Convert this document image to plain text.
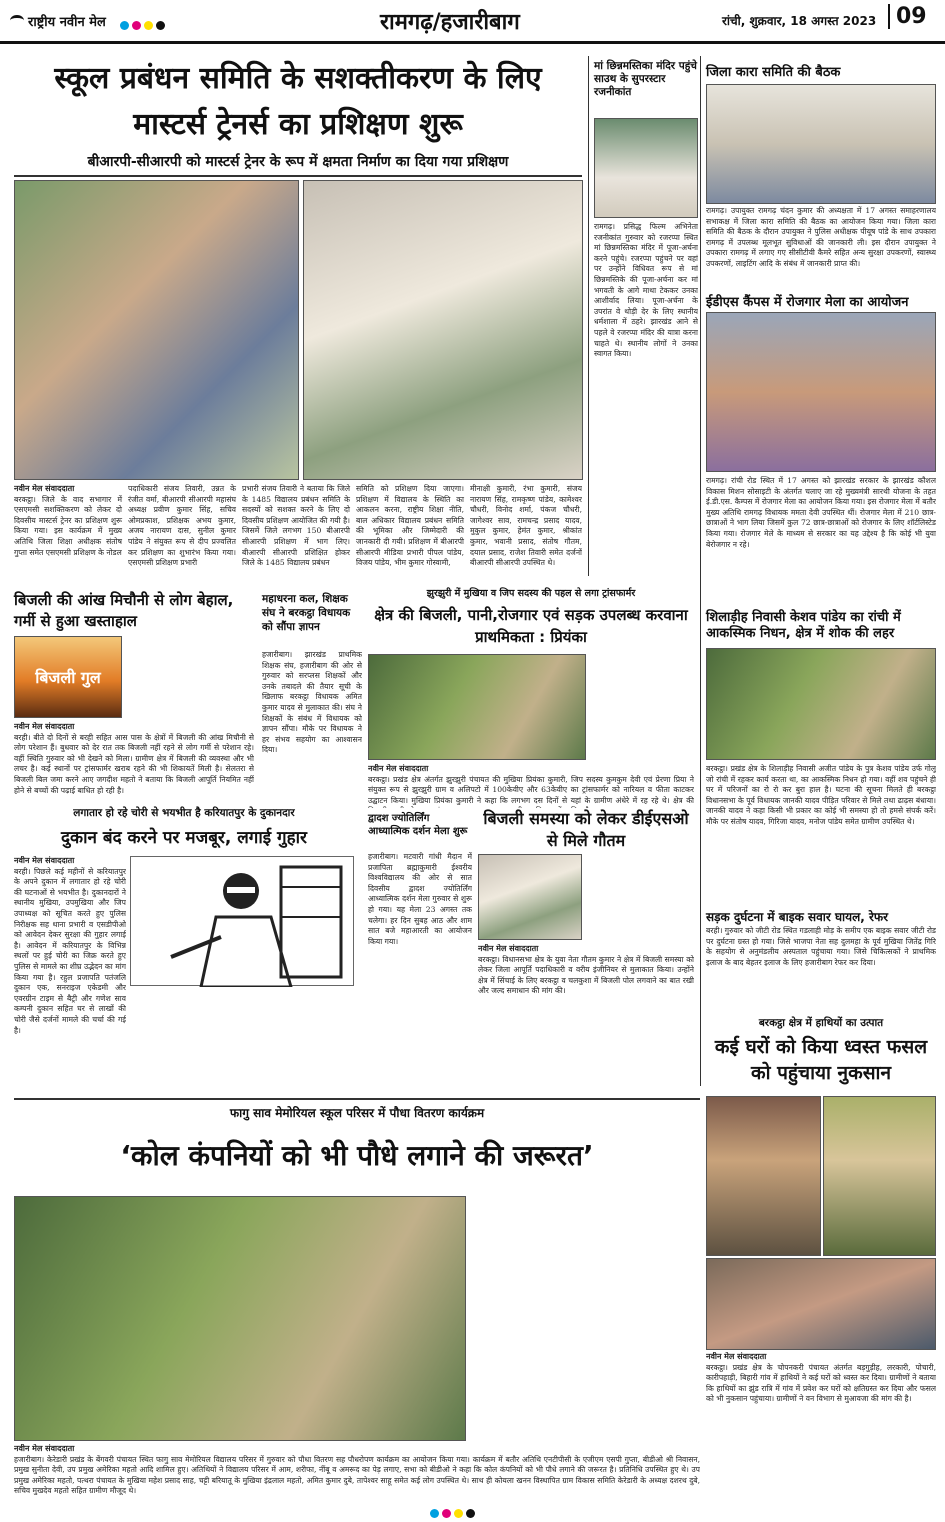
राष्ट्रीय नवीन मेल	रामगढ़/हजारीबाग	रांची, शुक्रवार, 18 अगस्त 2023 09
स्कूल प्रबंधन समिति के सशक्तीकरण के लिए मास्टर्स ट्रेनर्स का प्रशिक्षण शुरू
बीआरपी-सीआरपी को मास्टर्स ट्रेनर के रूप में क्षमता निर्माण का दिया गया प्रशिक्षण
नवीन मेल संवाददाता
बरकट्ठा। जिले के वाद सभागार में एसएमसी सशक्तिकरण को लेकर दो दिवसीय मास्टर्स ट्रेनर का प्रशिक्षण शुरू किया गया। इस कार्यक्रम में मुख्य अतिथि जिला शिक्षा अधीक्षक संतोष गुप्ता समेत एसएमसी प्रशिक्षण के नोडल
पदाधिकारी संजय तिवारी, उन्नत के रंजीत वर्मा, बीआरपी सीआरपी महासंघ अध्यक्ष प्रवीण कुमार सिंह, सचिव ओमप्रकाश, प्रशिक्षक अभय कुमार, अजय नारायण दास, सुनील कुमार पांडेय ने संयुक्त रूप से दीप प्रज्वलित कर प्रशिक्षण का शुभारंभ किया गया। एसएमसी प्रशिक्षण प्रभारी
प्रभारी संजय तिवारी ने बताया कि जिले के 1485 विद्यालय प्रबंधन समिति के सदस्यों को सशक्त करने के लिए दो दिवसीय प्रशिक्षण आयोजित की गयी है। जिसमें जिले लगभग 150 बीआरपी सीआरपी प्रशिक्षण में भाग लिए। बीआरपी सीआरपी प्रशिक्षित होकर जिले के 1485 विद्यालय प्रबंधन
समिति को प्रशिक्षण दिया जाएगा। प्रशिक्षण में विद्यालय के स्थिति का आकलन करना, राष्ट्रीय शिक्षा नीति, बाल अधिकार विद्यालय प्रबंधन समिति की भूमिका और जिम्मेदारी की जानकारी दी गयी। प्रशिक्षण में बीआरपी सीआरपी मीडिया प्रभारी पीपल पांडेय, विजय पांडेय, भीम कुमार गोस्वामी,
मीनाक्षी कुमारी, रंभा कुमारी, संजय नारायण सिंह, रामकृष्ण पांडेय, कामेश्वर चौधरी, विनोद शर्मा, पंकज चौधरी, जागेश्वर साव, रामचन्द्र प्रसाद यादव, मुकुल कुमार, हेमंत कुमार, श्रीकांत कुमार, भवानी प्रसाद, संतोष गौतम, दयाल प्रसाद, राजेश तिवारी समेत दर्जनों बीआरपी सीआरपी उपस्थित थे।
मां छिन्नमस्तिका मंदिर पहुंचे साउथ के सुपरस्टार रजनीकांत
रामगढ़। प्रसिद्ध फिल्म अभिनेता रजनीकांत गुरुवार को रजरप्पा स्थित मां छिन्नमस्तिका मंदिर में पूजा-अर्चना करने पहुंचे। रजरप्पा पहुंचने पर वहां पर उन्होंने विधिवत रूप से मां छिन्नमस्तिके की पूजा-अर्चना कर मां भगवती के आगे माथा टेककर उनका आशीर्वाद लिया। पूजा-अर्चना के उपरांत वे थोड़ी देर के लिए स्थानीय धर्मशाला में ठहरे। झारखंड आने से पहले वे रजरप्पा मंदिर की यात्रा करना चाहते थे। स्थानीय लोगों ने उनका स्वागत किया।
जिला कारा समिति की बैठक
रामगढ़। उपायुक्त रामगढ़ चंदन कुमार की अध्यक्षता में 17 अगस्त समाहरणालय सभाकक्ष में जिला कारा समिति की बैठक का आयोजन किया गया। जिला कारा समिति की बैठक के दौरान उपायुक्त ने पुलिस अधीक्षक पीयूष पांडे के साथ उपकारा रामगढ़ में उपलब्ध मूलभूत सुविधाओं की जानकारी ली। इस दौरान उपायुक्त ने उपकारा रामगढ़ में लगाए गए सीसीटीवी कैमरे सहित अन्य सुरक्षा उपकरणों, स्वास्थ्य उपकरणों, लाइटिंग आदि के संबंध में जानकारी प्राप्त की।
ईडीएस कैंपस में रोजगार मेला का आयोजन
रामगढ़। रांची रोड स्थित में 17 अगस्त को झारखंड सरकार के झारखंड कौशल विकास मिशन सोसाइटी के अंतर्गत चलाए जा रहे मुख्यमंत्री सारथी योजना के तहत ई.डी.एस. कैम्पस में रोजगार मेला का आयोजन किया गया। इस रोजगार मेला में बतौर मुख्य अतिथि रामगढ़ विधायक ममता देवी उपस्थित थीं। रोजगार मेला में 210 छात्र-छात्राओं ने भाग लिया जिसमें कुल 72 छात्र-छात्राओं को रोजगार के लिए शॉर्टलिस्टेड किया गया। रोजगार मेले के माध्यम से सरकार का यह उद्देश्य है कि कोई भी युवा बेरोजगार न रहे।
शिलाड़ीह निवासी केशव पांडेय का रांची में आकस्मिक निधन, क्षेत्र में शोक की लहर
बरकट्ठा। प्रखंड क्षेत्र के शिलाड़ीह निवासी अजीत पांडेय के पुत्र केशव पांडेय उर्फ गोलू जो रांची में रहकर कार्य करता था, का आकस्मिक निधन हो गया। वहीं शव पहुंचने ही घर में परिजनों का रो रो कर बुरा हाल है। घटना की सूचना मिलते ही बरकट्ठा विधानसभा के पूर्व विधायक जानकी यादव पीड़ित परिवार से मिले तथा ढाढ़स बंधाया। जानकी यादव ने कहा किसी भी प्रकार का कोई भी समस्या हो तो हमसे संपर्क करें। मौके पर संतोष यादव, गिरिजा यादव, मनोज पांडेय समेत ग्रामीण उपस्थित थे।
सड़क दुर्घटना में बाइक सवार घायल, रेफर
बरही। गुरुवार को जीटी रोड स्थित गडलाही मोड़ के समीप एक बाइक सवार जीटी रोड पर दुर्घटना ग्रस्त हो गया। जिसे भाजपा नेता सह दुलमहा के पूर्व मुखिया जितेंद्र गिरि के सहयोग से अनुमंडलीय अस्पताल पहुंचाया गया। जिसे चिकित्सकों ने प्राथमिक इलाज के बाद बेहतर इलाज के लिए हजारीबाग रेफर कर दिया।
बरकट्ठा क्षेत्र में हाथियों का उत्पात
कई घरों को किया ध्वस्त फसल को पहुंचाया नुकसान
नवीन मेल संवाददाता
बरकट्ठा। प्रखंड क्षेत्र के चोपनकरी पंचायत अंतर्गत बड़गुड़ीह, लरकारी, पोचारी, कारीपहाड़ी, बिहारी गांव में हाथियों ने कई घरों को ध्वस्त कर दिया। ग्रामीणों ने बताया कि हाथियों का झुंड रात्रि में गांव में प्रवेश कर घरों को क्षतिग्रस्त कर दिया और फसल को भी नुकसान पहुंचाया। ग्रामीणों ने वन विभाग से मुआवजा की मांग की है।
बिजली की आंख मिचौनी से लोग बेहाल, गर्मी से हुआ खस्ताहाल
बिजली गुल
नवीन मेल संवाददाता
बरही। बीते दो दिनों से बरही सहित आस पास के क्षेत्रों में बिजली की आंख मिचौनी से लोग परेशान हैं। बुधवार को देर रात तक बिजली नहीं रहने से लोग गर्मी से परेशान रहे। वहीं स्थिति गुरुवार को भी देखने को मिला। ग्रामीण क्षेत्र में बिजली की व्यवस्था और भी लचर है। कई स्थानों पर ट्रांसफार्मर खराब रहने की भी शिकायतें मिली है। सेलतरा से बिजली बिल जमा करने आए जगदीश महतो ने बताया कि बिजली आपूर्ति नियमित नहीं होने से बच्चों की पढ़ाई बाधित हो रही है।
महाधरना कल, शिक्षक संघ ने बरकट्ठा विधायक को सौंपा ज्ञापन
हजारीबाग। झारखंड प्राथमिक शिक्षक संघ, हजारीबाग की ओर से गुरुवार को सरप्लस शिक्षकों और उनके तबादले की तैयार सूची के खिलाफ बरकट्ठा विधायक अमित कुमार यादव से मुलाकात की। संघ ने शिक्षकों के संबंध में विधायक को ज्ञापन सौंपा। मौके पर विधायक ने हर संभव सहयोग का आश्वासन दिया।
झुरझुरी में मुखिया व जिप सदस्य की पहल से लगा ट्रांसफार्मर
क्षेत्र की बिजली, पानी,रोजगार एवं सड़क उपलब्ध करवाना प्राथमिकता : प्रियंका
नवीन मेल संवाददाता
बरकट्ठा। प्रखंड क्षेत्र अंतर्गत झुरझुरी पंचायत की मुखिया प्रियंका कुमारी, जिप सदस्य कुमकुम देवी एवं प्रेरणा प्रिया ने संयुक्त रूप से झुरझुरी ग्राम व अलिपटो में 100केवीए और 63केवीए का ट्रांसफार्मर को नारियल व फीता काटकर उद्घाटन किया। मुखिया प्रियंका कुमारी ने कहा कि लगभग दस दिनों से यहां के ग्रामीण अंधेरे में रह रहे थे। क्षेत्र की
लगातार हो रहे चोरी से भयभीत है करियातपुर के दुकानदार
दुकान बंद करने पर मजबूर, लगाई गुहार
नवीन मेल संवाददाता
बरही। पिछले कई महीनों से करियातपुर के अपने दुकान में लगातार हो रहे चोरी की घटनाओं से भयभीत है। दुकानदारों ने स्थानीय मुखिया, उपमुखिया और जिप उपाध्यक्ष को सूचित करते हुए पुलिस निरीक्षक सह थाना प्रभारी व एसडीपीओ को आवेदन देकर सुरक्षा की गुहार लगाई है। आवेदन में करियातपुर के विभिन्न स्थलों पर हुई चोरी का जिक्र करते हुए पुलिस से मामले का शीघ्र उद्भेदन का मांग किया गया है। रहुल प्रजापति पतंजलि दुकान एक, सनराइज एकेडमी और एवरग्रीन टाइम से बैट्री और गणेश साव कम्पनी दुकान सहित घर से लाखों की चोरी जैसे दर्जनों मामले की चर्चा की गई है।
द्वादश ज्योतिर्लिंग आध्यात्मिक दर्शन मेला शुरू
हजारीबाग। मटवारी गांधी मैदान में प्रजापिता ब्रह्माकुमारी ईश्वरीय विश्वविद्यालय की ओर से सात दिवसीय द्वादश ज्योतिर्लिंग आध्यात्मिक दर्शन मेला गुरुवार से शुरू हो गया। यह मेला 23 अगस्त तक चलेगा। हर दिन सुबह आठ और शाम सात बजे महाआरती का आयोजन किया गया।
बिजली समस्या को लेकर डीईएसओ से मिले गौतम
नवीन मेल संवाददाता
बरकट्ठा। विधानसभा क्षेत्र के युवा नेता गौतम कुमार ने क्षेत्र में बिजली समस्या को लेकर जिला आपूर्ति पदाधिकारी व वरीय इंजीनियर से मुलाकात किया। उन्होंने क्षेत्र में सिंचाई के लिए बरकट्ठा व चलकुशा में बिजली पोल लगवाने का बात रखी और जल्द समाधान की मांग की।
फागु साव मेमोरियल स्कूल परिसर में पौधा वितरण कार्यक्रम
‘कोल कंपनियों को भी पौधे लगाने की जरूरत’
नवीन मेल संवाददाता
हजारीबाग। केरेडारी प्रखंड के बेंगवरी पंचायत स्थित फागु साव मेमोरियल विद्यालय परिसर में गुरुवार को पौधा वितरण सह पौधरोपण कार्यक्रम का आयोजन किया गया। कार्यक्रम में बतौर अतिथि एनटीपीसी के एजीएम एसपी गुप्ता, बीडीओ श्री निवासन, प्रमुख सुनीता देवी, उप प्रमुख अमेरिका महतो आदि शामिल हुए। अतिथियों ने विद्यालय परिसर में आम, शरीफा, नींबू व अमरूद का पेड़ लगाए, सभा को बीडीओ ने कहा कि कोल कंपनियों को भी पौधे लगाने की जरूरत है। प्रतिनिधि उपस्थित हुए थे। उप प्रमुख अमेरिका महतो, पत्थरा पंचायत के मुखिया महेश प्रसाद साह, चट्टी बरियातू के मुखिया इंद्रलाल महतो, अमित कुमार दुबे, तापेश्वर साहू समेत कई लोग उपस्थित थे। साथ ही कोयला खनन विस्थापित ग्राम विकास समिति केरेडारी के अध्यक्ष दशरथ दुबे, सचिव मुखदेव महतो सहित ग्रामीण मौजूद थे।
